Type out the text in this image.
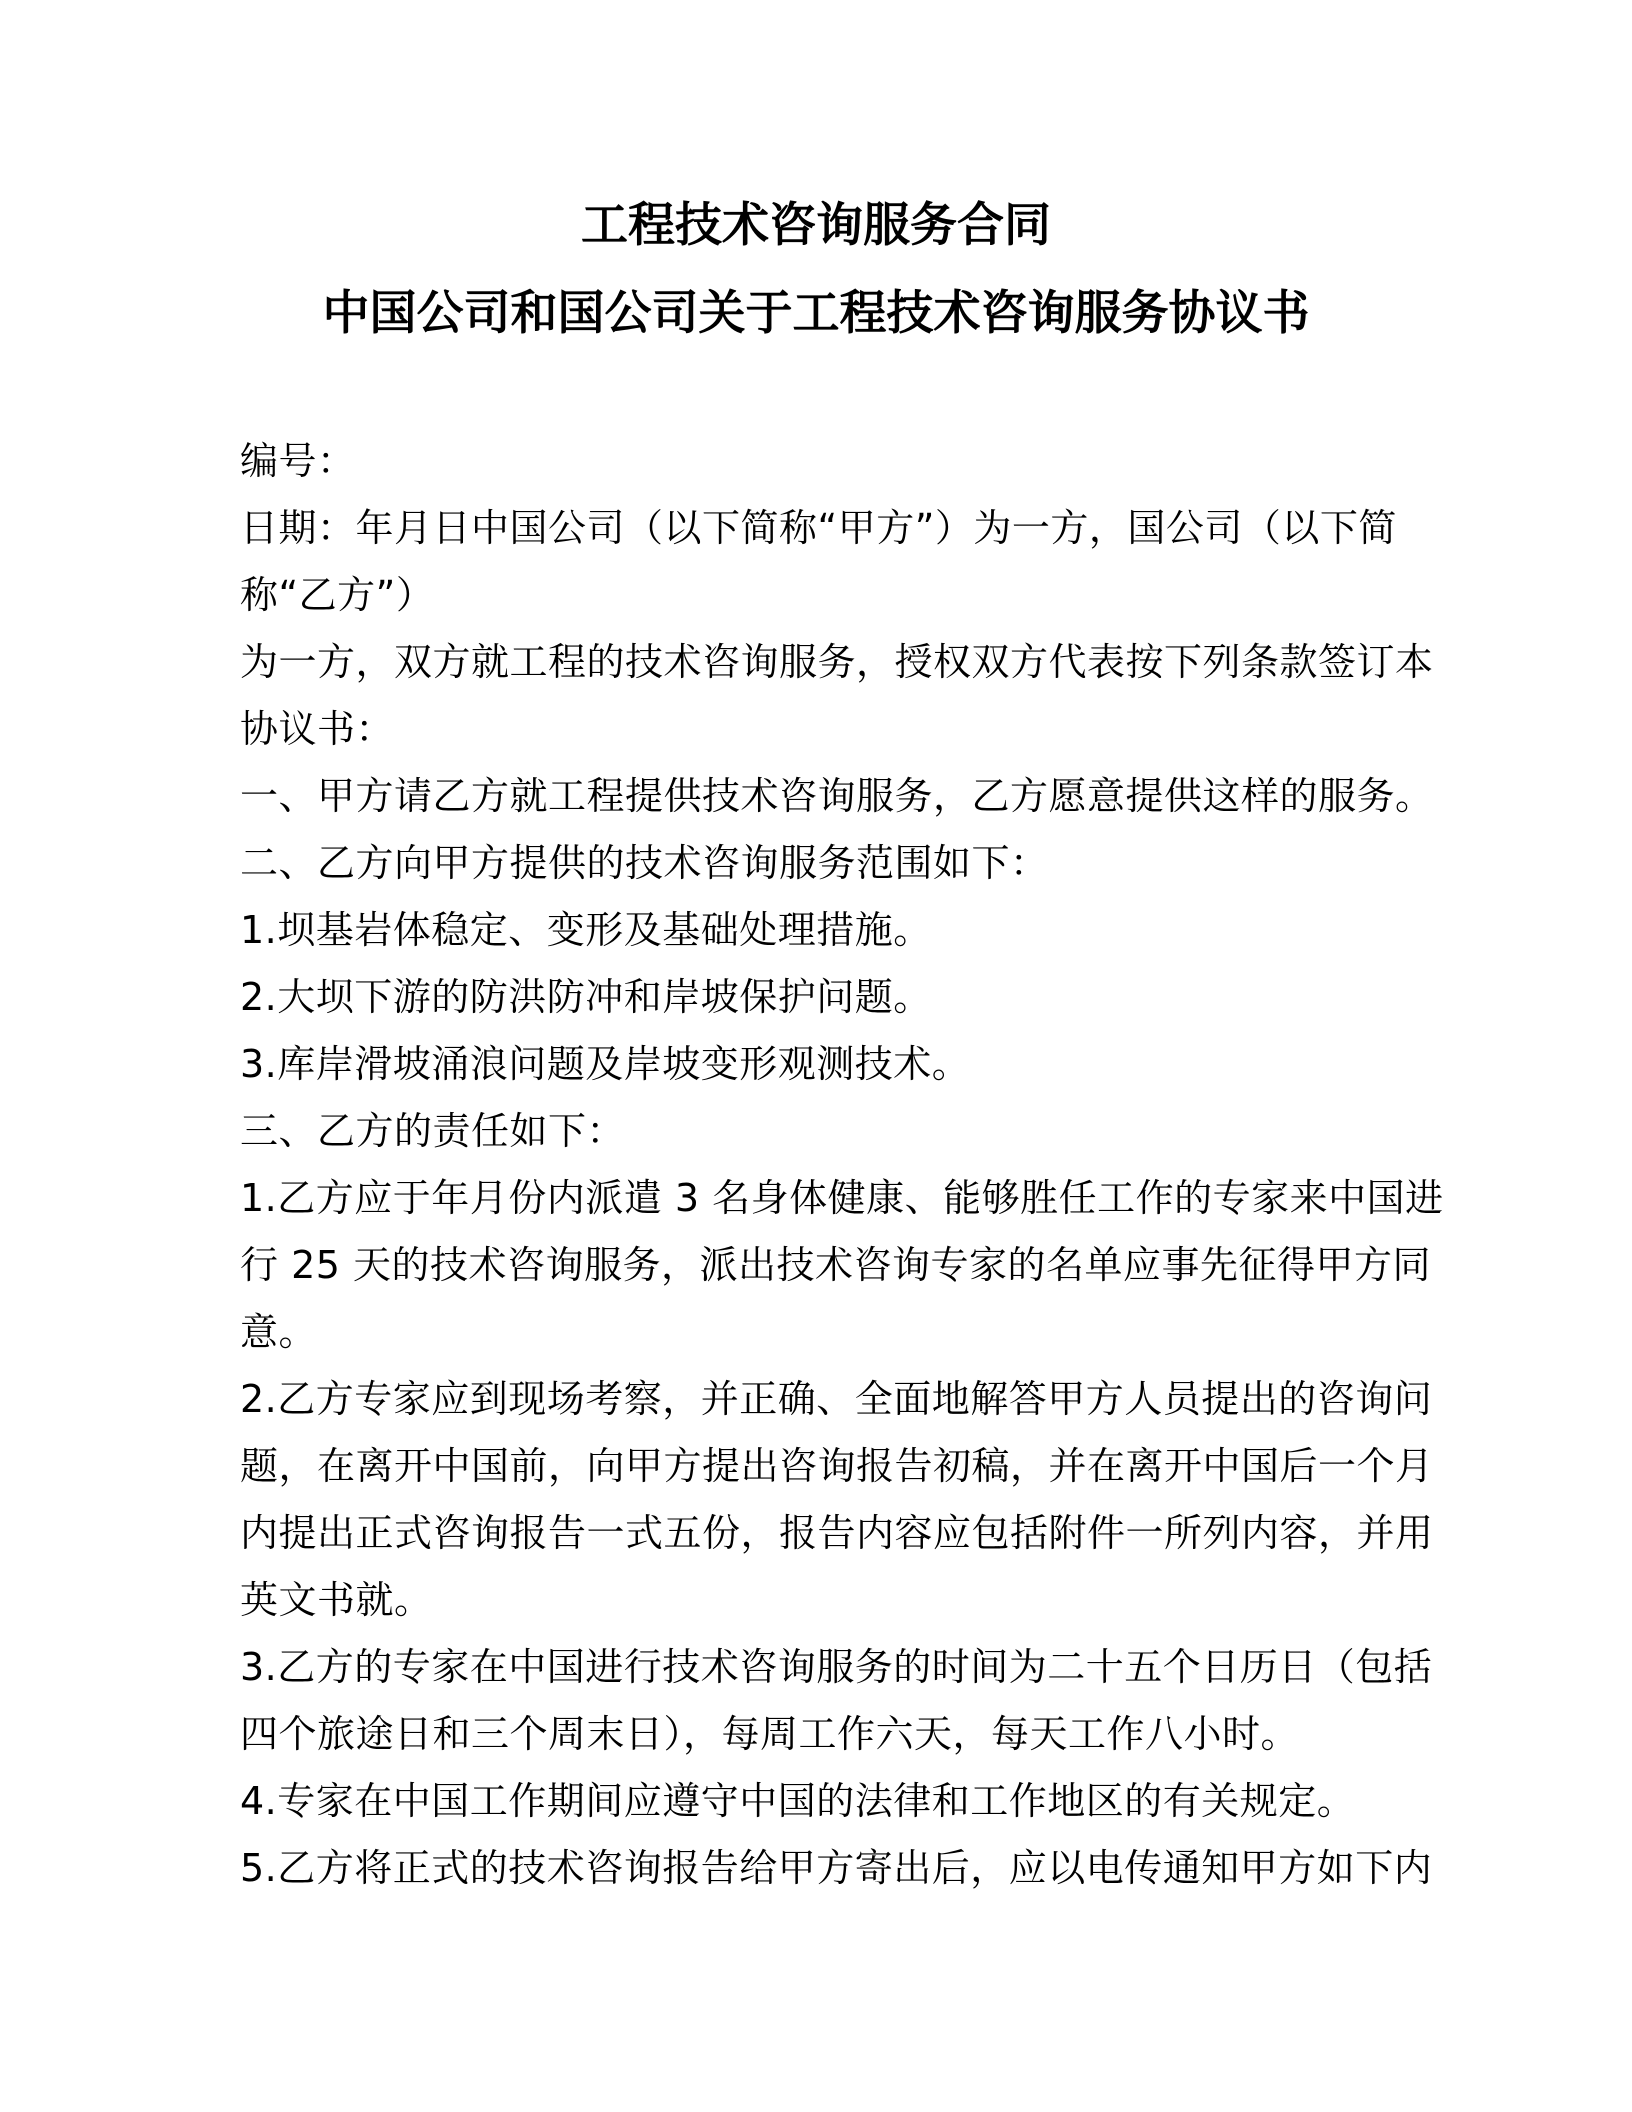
工程技术咨询服务合同
中国公司和国公司关于工程技术咨询服务协议书

编号：

日期：年月日中国公司（以下简称“甲方”）为一方，国公司（以下简

称“乙方”）

为一方，双方就工程的技术咨询服务，授权双方代表按下列条款签订本

协议书：

一、甲方请乙方就工程提供技术咨询服务，乙方愿意提供这样的服务。

二、乙方向甲方提供的技术咨询服务范围如下：

1.坝基岩体稳定、变形及基础处理措施。

2.大坝下游的防洪防冲和岸坡保护问题。

3.库岸滑坡涌浪问题及岸坡变形观测技术。

三、乙方的责任如下：

1.乙方应于年月份内派遣 3 名身体健康、能够胜任工作的专家来中国进

行 25 天的技术咨询服务，派出技术咨询专家的名单应事先征得甲方同

意。

2.乙方专家应到现场考察，并正确、全面地解答甲方人员提出的咨询问

题，在离开中国前，向甲方提出咨询报告初稿，并在离开中国后一个月

内提出正式咨询报告一式五份，报告内容应包括附件一所列内容，并用

英文书就。

3.乙方的专家在中国进行技术咨询服务的时间为二十五个日历日（包括

四个旅途日和三个周末日），每周工作六天，每天工作八小时。

4.专家在中国工作期间应遵守中国的法律和工作地区的有关规定。

5.乙方将正式的技术咨询报告给甲方寄出后，应以电传通知甲方如下内
